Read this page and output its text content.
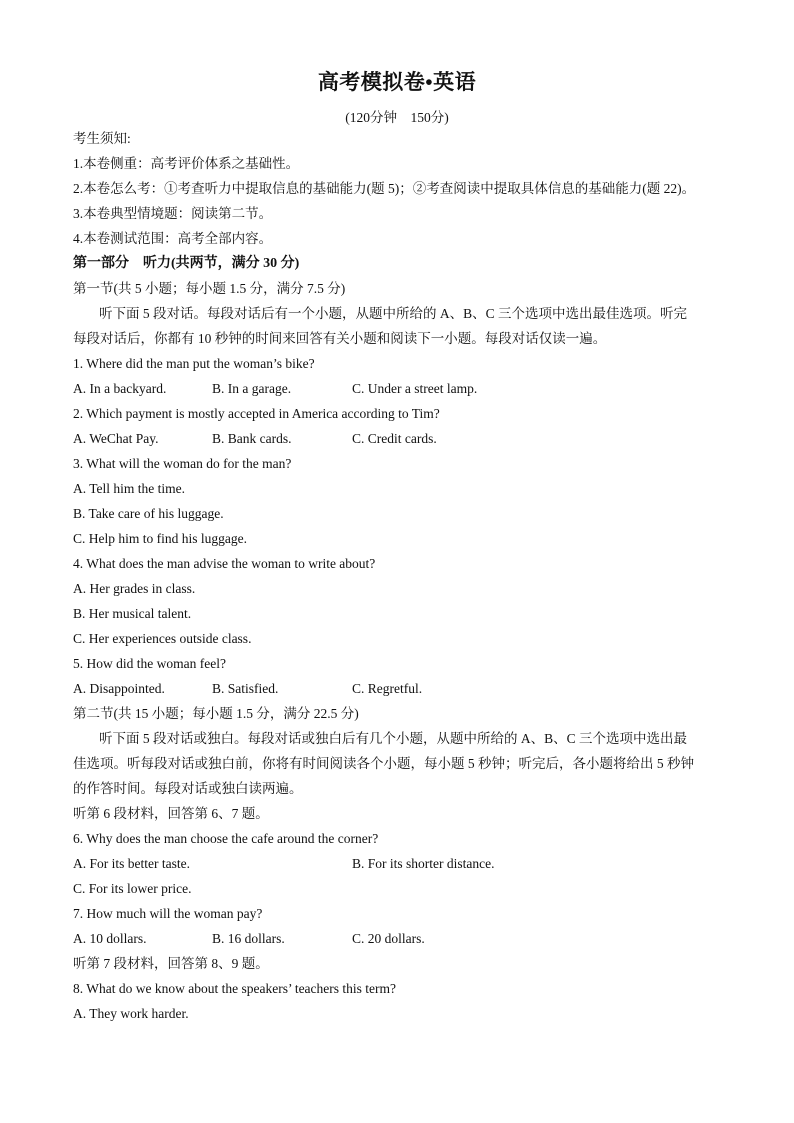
高考模拟卷•英语
(120分钟　150分)
考生须知:
1.本卷侧重：高考评价体系之基础性。
2.本卷怎么考：①考查听力中提取信息的基础能力(题 5)；②考查阅读中提取具体信息的基础能力(题 22)。
3.本卷典型情境题：阅读第二节。
4.本卷测试范围：高考全部内容。
第一部分　听力(共两节，满分 30 分)
第一节(共 5 小题；每小题 1.5 分，满分 7.5 分)
听下面 5 段对话。每段对话后有一个小题，从题中所给的 A、B、C 三个选项中选出最佳选项。听完
每段对话后，你都有 10 秒钟的时间来回答有关小题和阅读下一小题。每段对话仅读一遍。
1. Where did the man put the woman’s bike?
A. In a backyard.	B. In a garage.	C. Under a street lamp.
2. Which payment is mostly accepted in America according to Tim?
A. WeChat Pay.	B. Bank cards.	C. Credit cards.
3. What will the woman do for the man?
A. Tell him the time.
B. Take care of his luggage.
C. Help him to find his luggage.
4. What does the man advise the woman to write about?
A. Her grades in class.
B. Her musical talent.
C. Her experiences outside class.
5. How did the woman feel?
A. Disappointed.	B. Satisfied.	C. Regretful.
第二节(共 15 小题；每小题 1.5 分，满分 22.5 分)
听下面 5 段对话或独白。每段对话或独白后有几个小题，从题中所给的 A、B、C 三个选项中选出最
佳选项。听每段对话或独白前，你将有时间阅读各个小题，每小题 5 秒钟；听完后，各小题将给出 5 秒钟
的作答时间。每段对话或独白读两遍。
听第 6 段材料，回答第 6、7 题。
6. Why does the man choose the cafe around the corner?
A. For its better taste.	B. For its shorter distance.
C. For its lower price.
7. How much will the woman pay?
A. 10 dollars.	B. 16 dollars.	C. 20 dollars.
听第 7 段材料，回答第 8、9 题。
8. What do we know about the speakers’ teachers this term?
A. They work harder.
